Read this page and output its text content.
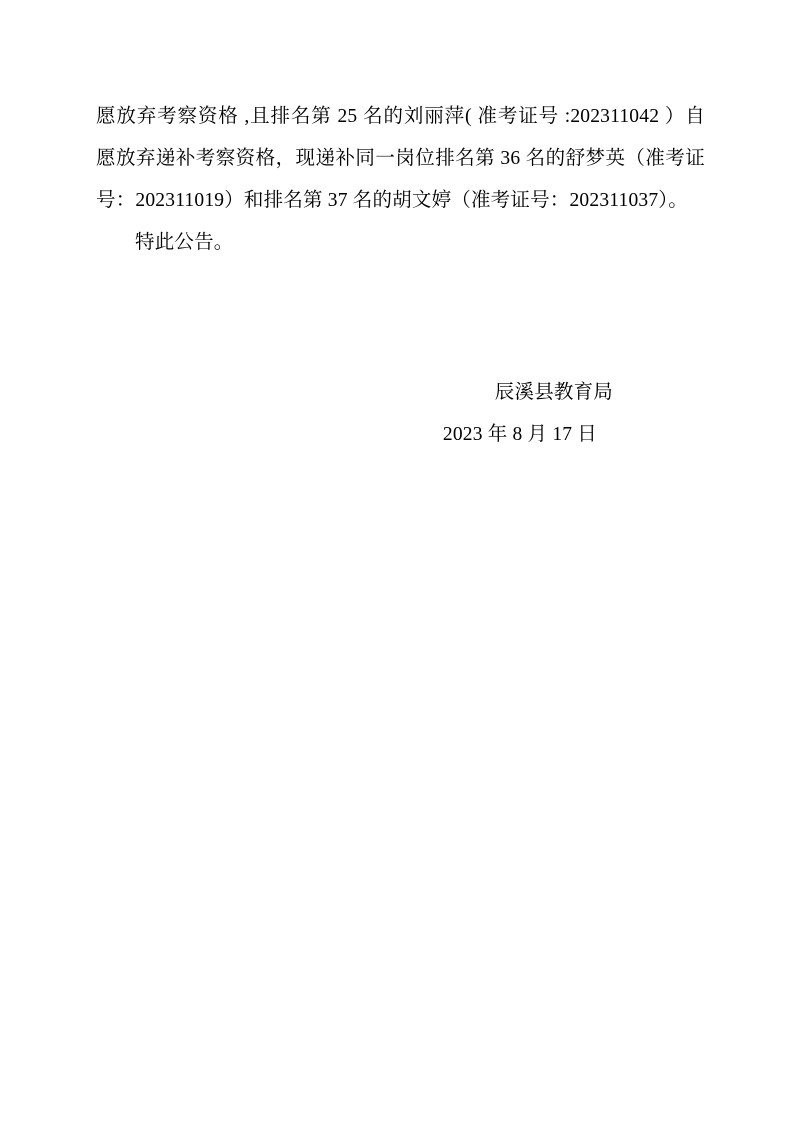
愿放弃考察资格 ,且排名第 25 名的刘丽萍( 准考证号 :202311042 ）自愿放弃递补考察资格，现递补同一岗位排名第 36 名的舒梦英（准考证号：202311019）和排名第 37 名的胡文婷（准考证号：202311037）。

特此公告。

辰溪县教育局
2023 年 8 月 17 日
